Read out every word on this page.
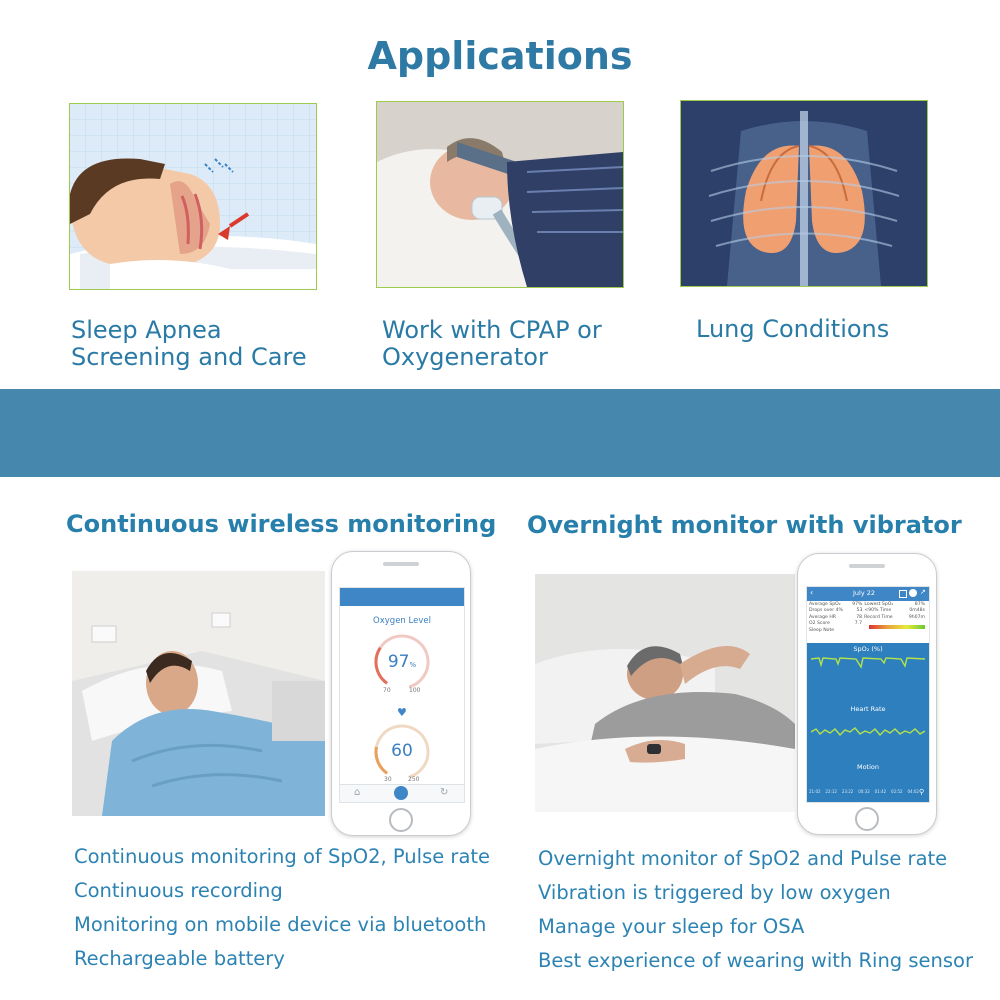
Applications
Sleep Apnea
Screening and Care
Work with CPAP or
Oxygenerator
Lung Conditions
Continuous wireless monitoring Overnight monitor with vibrator
Oxygen Level
97%
70	100
♥
60
30	250
⌂	↻
‹	July 22	↗
Average SpO₂	97% Lowest SpO₂	87%
Drops over 4%	53 <90% Time	0m48s
Average HR	78 Record Time	9h07m
O2 Score	7.7
Sleep Note
SpO₂ (%)
Heart Rate
Motion
21:02 22:12 23:22 00:32 01:42 02:52 04:02 ⚲
Continuous monitoring of SpO2, Pulse rate
Continuous recording
Monitoring on mobile device via bluetooth
Rechargeable battery
Overnight monitor of SpO2 and Pulse rate
Vibration is triggered by low oxygen
Manage your sleep for OSA
Best experience of wearing with Ring sensor
